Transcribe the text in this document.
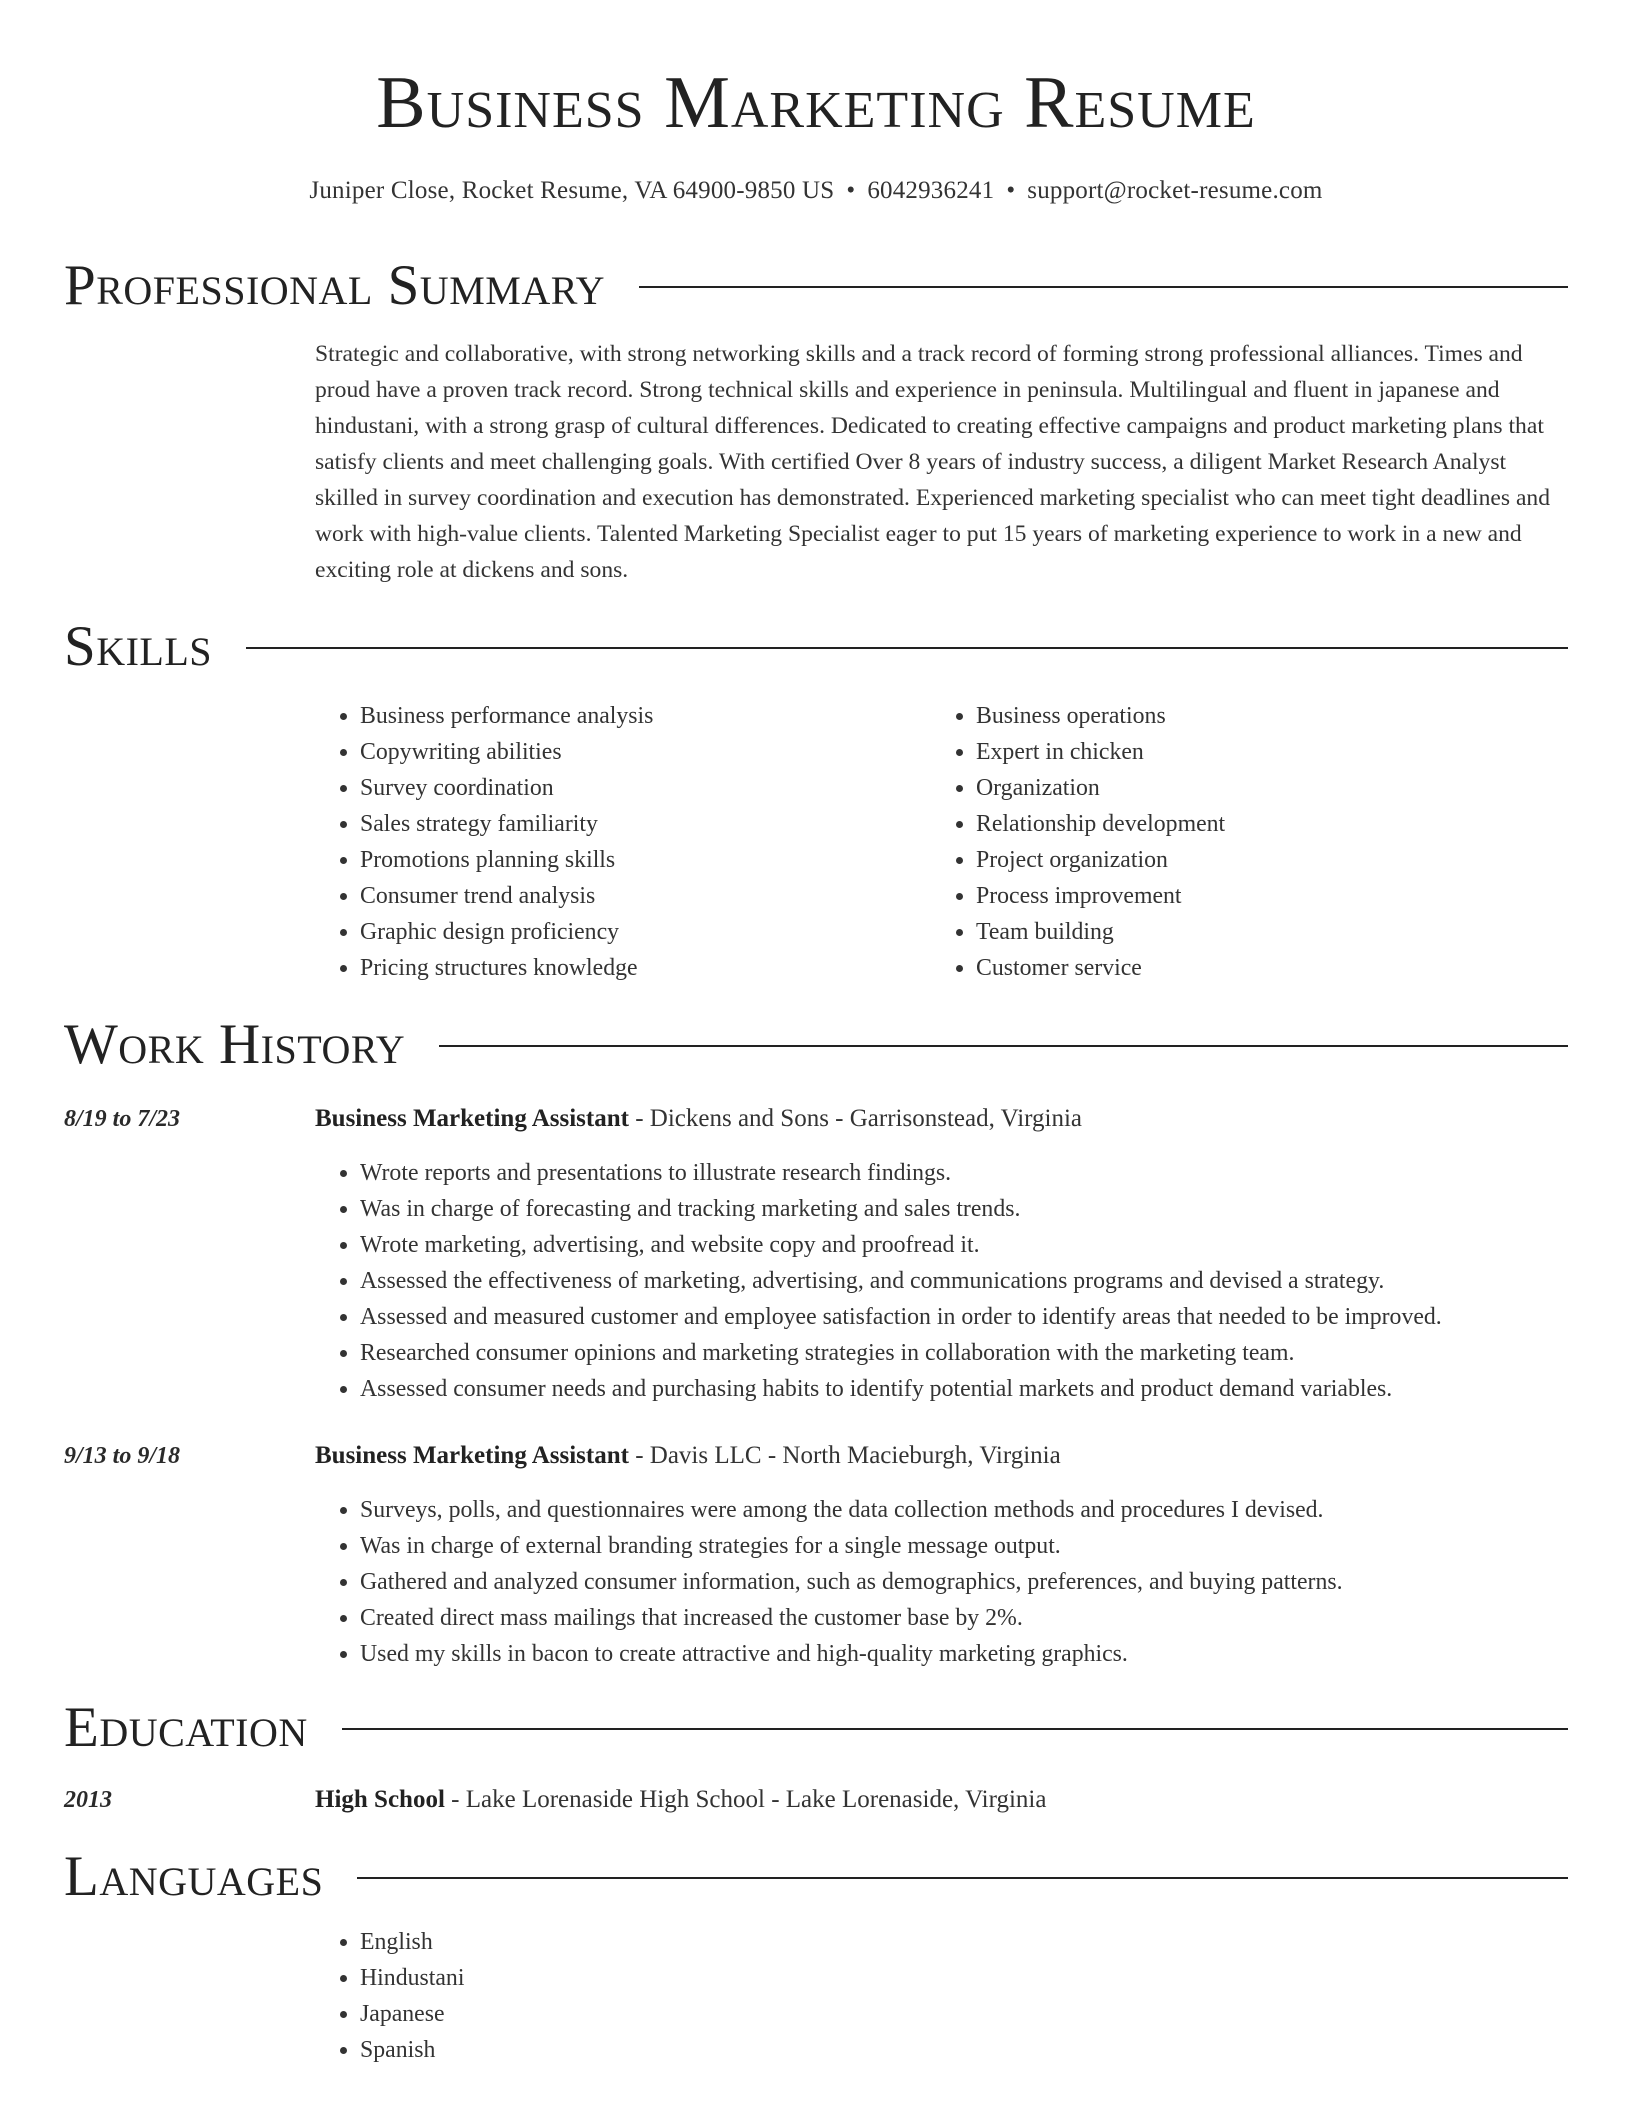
Business Marketing Resume
Juniper Close, Rocket Resume, VA 64900-9850 US • 6042936241 • support@rocket-resume.com
Professional Summary

Strategic and collaborative, with strong networking skills and a track record of forming strong professional alliances. Times and proud have a proven track record. Strong technical skills and experience in peninsula. Multilingual and fluent in japanese and hindustani, with a strong grasp of cultural differences. Dedicated to creating effective campaigns and product marketing plans that satisfy clients and meet challenging goals. With certified Over 8 years of industry success, a diligent Market Research Analyst skilled in survey coordination and execution has demonstrated. Experienced marketing specialist who can meet tight deadlines and work with high-value clients. Talented Marketing Specialist eager to put 15 years of marketing experience to work in a new and exciting role at dickens and sons.

Skills
• Business performance analysis
• Copywriting abilities
• Survey coordination
• Sales strategy familiarity
• Promotions planning skills
• Consumer trend analysis
• Graphic design proficiency
• Pricing structures knowledge
• Business operations
• Expert in chicken
• Organization
• Relationship development
• Project organization
• Process improvement
• Team building
• Customer service
Work History
8/19 to 7/23	Business Marketing Assistant - Dickens and Sons - Garrisonstead, Virginia
• Wrote reports and presentations to illustrate research findings.
• Was in charge of forecasting and tracking marketing and sales trends.
• Wrote marketing, advertising, and website copy and proofread it.
• Assessed the effectiveness of marketing, advertising, and communications programs and devised a strategy.
• Assessed and measured customer and employee satisfaction in order to identify areas that needed to be improved.
• Researched consumer opinions and marketing strategies in collaboration with the marketing team.
• Assessed consumer needs and purchasing habits to identify potential markets and product demand variables.
9/13 to 9/18	Business Marketing Assistant - Davis LLC - North Macieburgh, Virginia
• Surveys, polls, and questionnaires were among the data collection methods and procedures I devised.
• Was in charge of external branding strategies for a single message output.
• Gathered and analyzed consumer information, such as demographics, preferences, and buying patterns.
• Created direct mass mailings that increased the customer base by 2%.
• Used my skills in bacon to create attractive and high-quality marketing graphics.
Education
2013	High School - Lake Lorenaside High School - Lake Lorenaside, Virginia
Languages
• English
• Hindustani
• Japanese
• Spanish
